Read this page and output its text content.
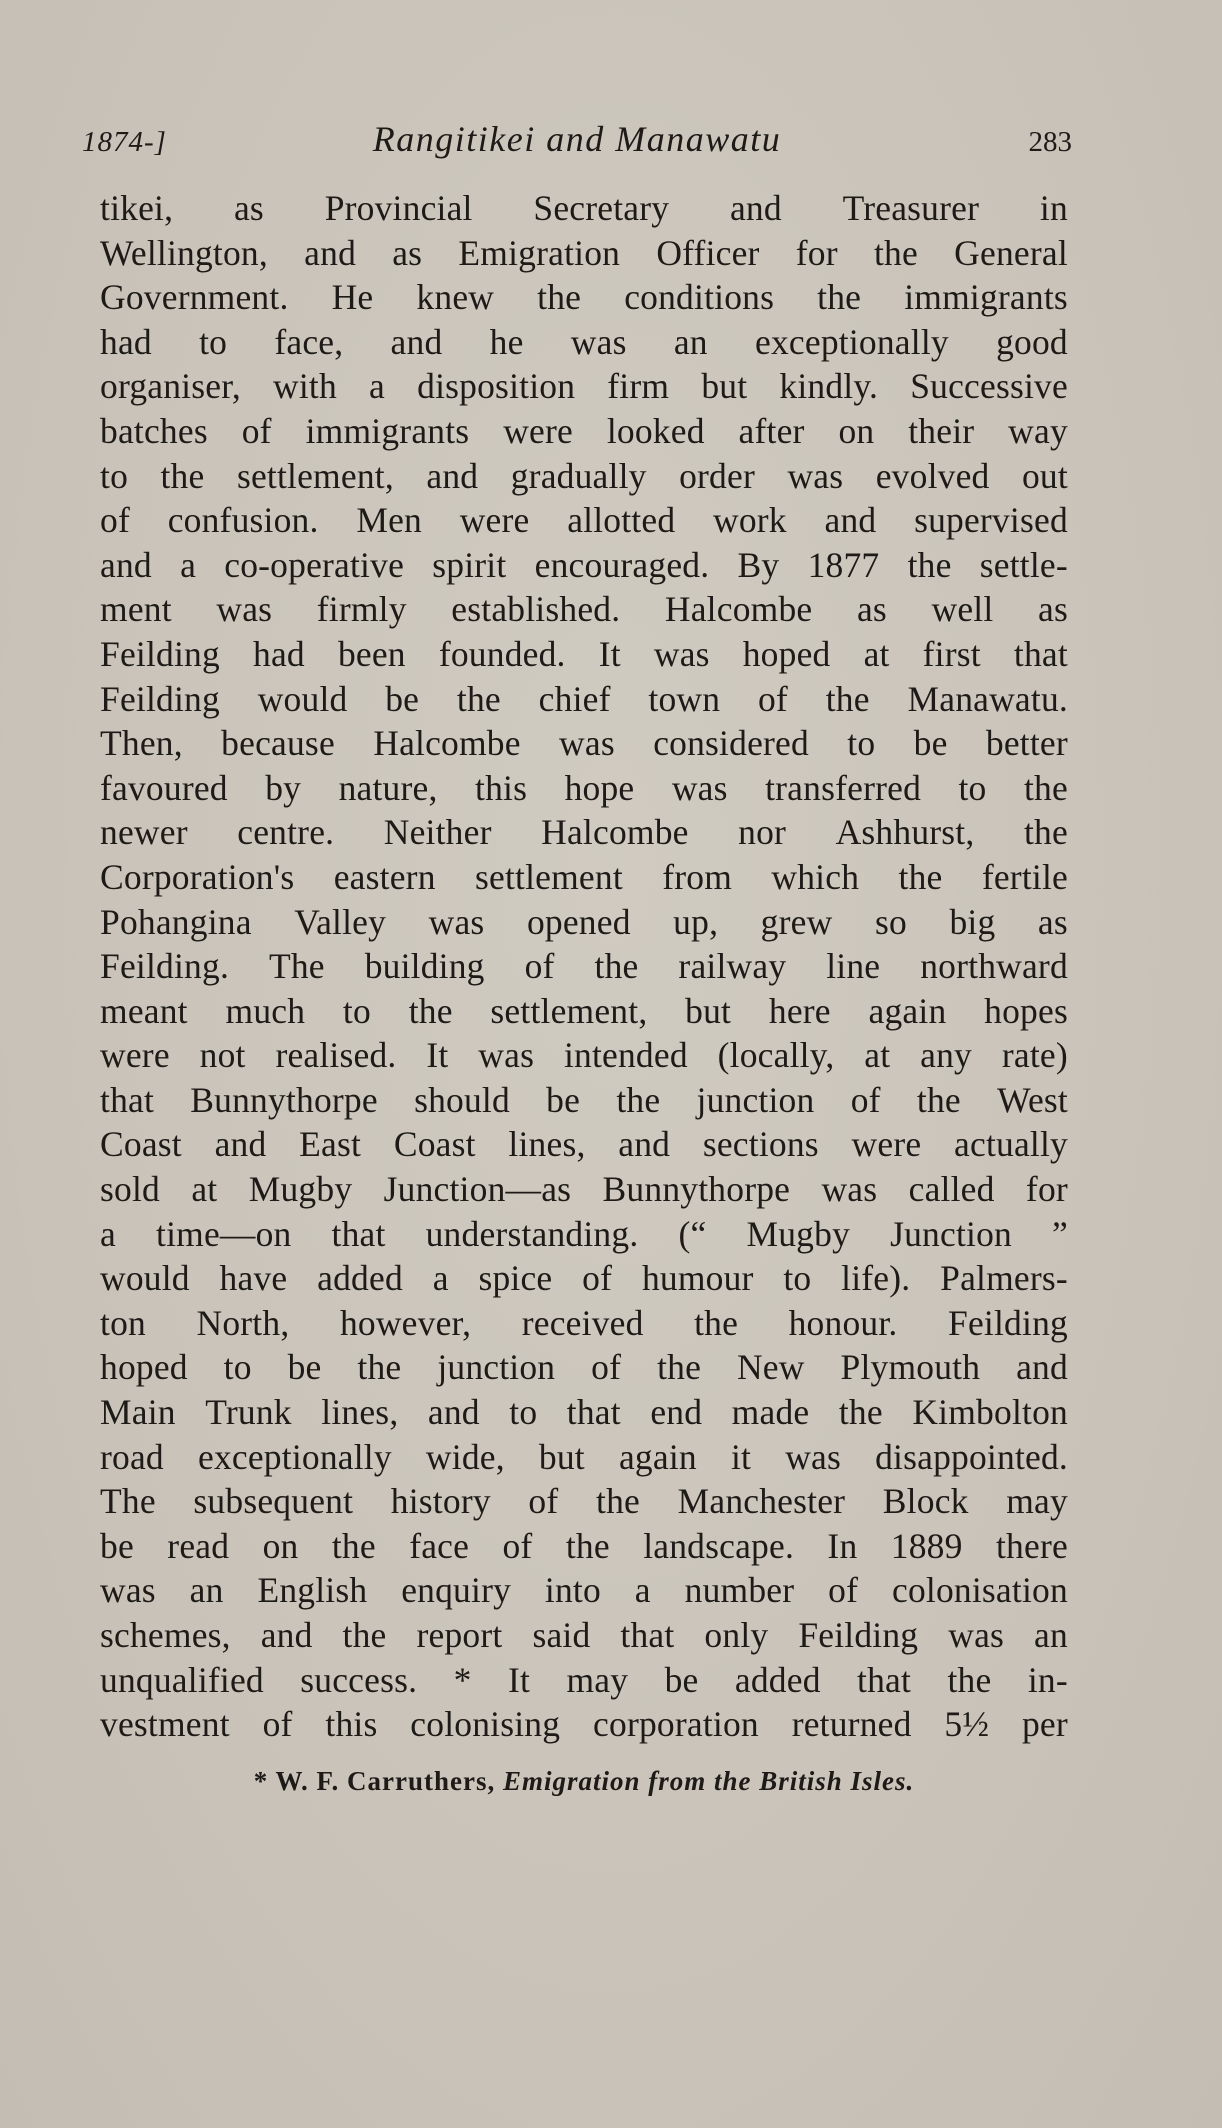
1874-]	Rangitikei and Manawatu	283
tikei, as Provincial Secretary and Treasurer in
Wellington, and as Emigration Officer for the General
Government. He knew the conditions the immigrants
had to face, and he was an exceptionally good
organiser, with a disposition firm but kindly. Successive
batches of immigrants were looked after on their way
to the settlement, and gradually order was evolved out
of confusion. Men were allotted work and supervised
and a co-operative spirit encouraged. By 1877 the settle-
ment was firmly established. Halcombe as well as
Feilding had been founded. It was hoped at first that
Feilding would be the chief town of the Manawatu.
Then, because Halcombe was considered to be better
favoured by nature, this hope was transferred to the
newer centre. Neither Halcombe nor Ashhurst, the
Corporation's eastern settlement from which the fertile
Pohangina Valley was opened up, grew so big as
Feilding. The building of the railway line northward
meant much to the settlement, but here again hopes
were not realised. It was intended (locally, at any rate)
that Bunnythorpe should be the junction of the West
Coast and East Coast lines, and sections were actually
sold at Mugby Junction—as Bunnythorpe was called for
a time—on that understanding. (“ Mugby Junction ”
would have added a spice of humour to life). Palmers-
ton North, however, received the honour. Feilding
hoped to be the junction of the New Plymouth and
Main Trunk lines, and to that end made the Kimbolton
road exceptionally wide, but again it was disappointed.
The subsequent history of the Manchester Block may
be read on the face of the landscape. In 1889 there
was an English enquiry into a number of colonisation
schemes, and the report said that only Feilding was an
unqualified success. * It may be added that the in-
vestment of this colonising corporation returned 5½ per
* W. F. Carruthers, Emigration from the British Isles.
